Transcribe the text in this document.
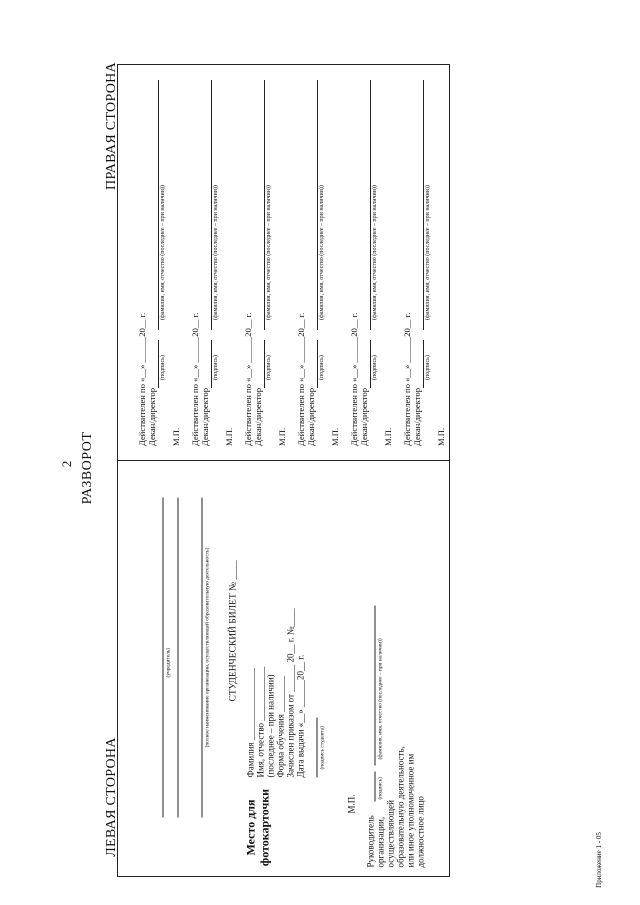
2 РАЗВОРОТ
ЛЕВАЯ СТОРОНА
ПРАВАЯ СТОРОНА
Приложение 1 - 05
(учредитель)	(полное наименование организации, осуществляющей образовательную деятельность) СТУДЕНЧЕСКИЙ БИЛЕТ № ____
Место для фотокарточки
Фамилия ________________ Имя, отчество ____________ (последнее – при наличии) Форма обучения ________ Зачислен приказом от ______ 20__ г. №____ Дата выдачи «__» ______20__ г.	(подпись студента)
М.П.
Руководитель организации, осуществляющей образовательную деятельность, или иное уполномоченное им должностное лицо
(подпись)
(фамилия, имя, отчество (последнее – при наличии))
Действителен по «__» ______20__ г. Декан/директор
(подпись)
(фамилия, имя, отчество (последнее – при наличии))
М.П. Действителен по «__» ______20__ г. Декан/директор
(подпись)
(фамилия, имя, отчество (последнее – при наличии))
М.П. Действителен по «__» ______20__ г. Декан/директор
(подпись)
(фамилия, имя, отчество (последнее – при наличии))
М.П. Действителен по «__» ______20__ г. Декан/директор
(подпись)
(фамилия, имя, отчество (последнее – при наличии))
М.П. Действителен по «__» ______20__ г. Декан/директор
(подпись)
(фамилия, имя, отчество (последнее – при наличии))
М.П. Действителен по «__» ______20__ г. Декан/директор
(подпись)
(фамилия, имя, отчество (последнее – при наличии))
М.П.
